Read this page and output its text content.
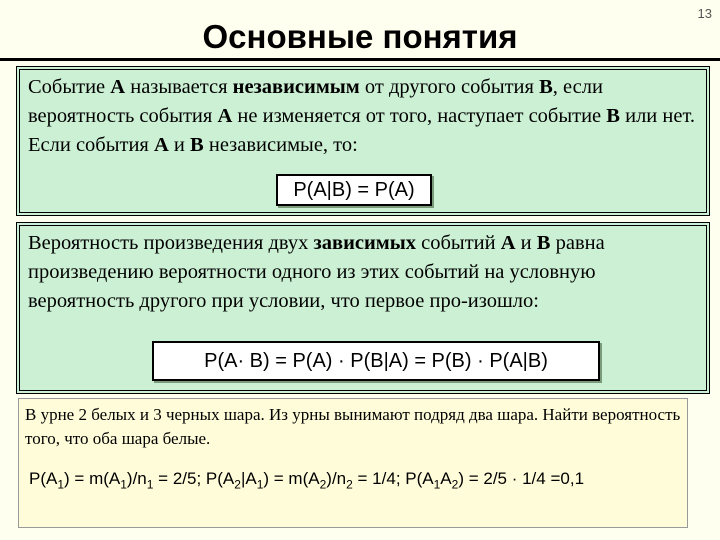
13
Основные понятия
Событие А называется независимым от другого события В, если вероятность события А не изменяется от того, наступает событие В или нет. Если события А и В независимые, то:
P(A|B) = P(A)
Вероятность произведения двух зависимых событий А и В равна произведению вероятности одного из этих событий на условную вероятность другого при условии, что первое про-изошло:
P(A· B) = P(A) · P(B|A) = P(B) · P(A|B)
В урне 2 белых и 3 черных шара. Из урны вынимают подряд два шара. Найти вероятность того, что оба шара белые.
$P(A_1) = m(A_1)/n_1 = 2/5$; $P(A_2|A_1) = m(A_2)/n_2 = 1/4$; $P(A_1A_2) = 2/5 \cdot 1/4 =0,1$
